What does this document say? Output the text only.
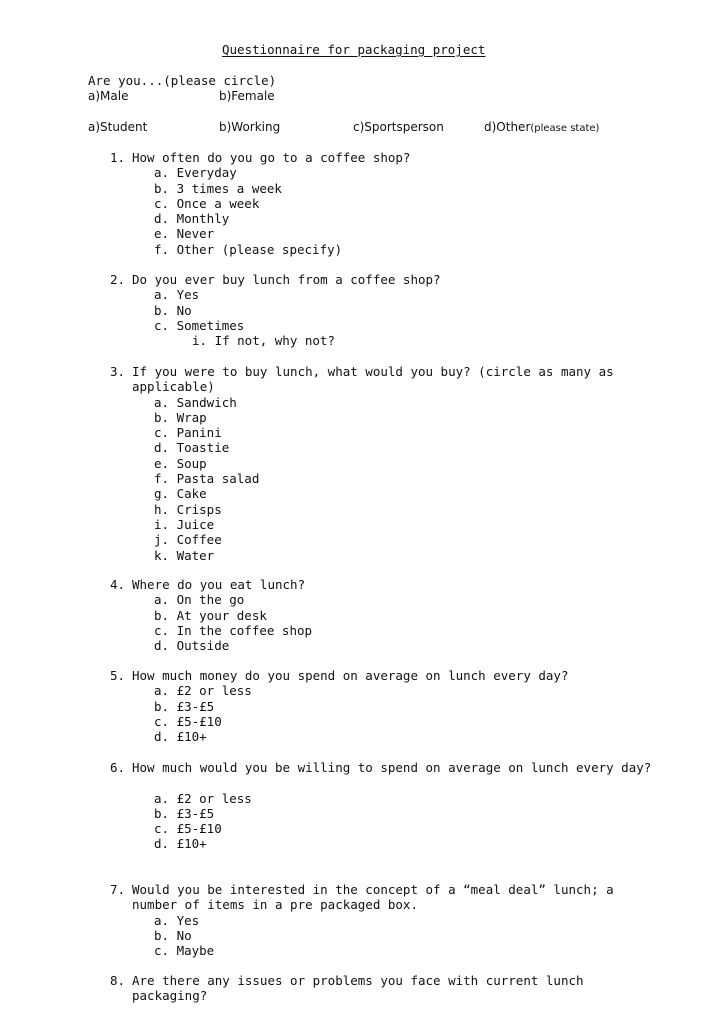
Questionnaire for packaging project
Are you...(please circle)
a)Male	b)Female
a)Student	b)Working	c)Sportsperson	d)Other(please state)
1. How often do you go to a coffee shop?
a. Everyday
b. 3 times a week
c. Once a week
d. Monthly
e. Never
f. Other (please specify)
2. Do you ever buy lunch from a coffee shop?
a. Yes
b. No
c. Sometimes
i. If not, why not?
3. If you were to buy lunch, what would you buy? (circle as many as applicable)
a. Sandwich
b. Wrap
c. Panini
d. Toastie
e. Soup
f. Pasta salad
g. Cake
h. Crisps
i. Juice
j. Coffee
k. Water
4. Where do you eat lunch?
a. On the go
b. At your desk
c. In the coffee shop
d. Outside
5. How much money do you spend on average on lunch every day?
a. £2 or less
b. £3-£5
c. £5-£10
d. £10+
6. How much would you be willing to spend on average on lunch every day?
a. £2 or less
b. £3-£5
c. £5-£10
d. £10+
7. Would you be interested in the concept of a “meal deal” lunch; a number of items in a pre packaged box.
a. Yes
b. No
c. Maybe
8. Are there any issues or problems you face with current lunch packaging?
